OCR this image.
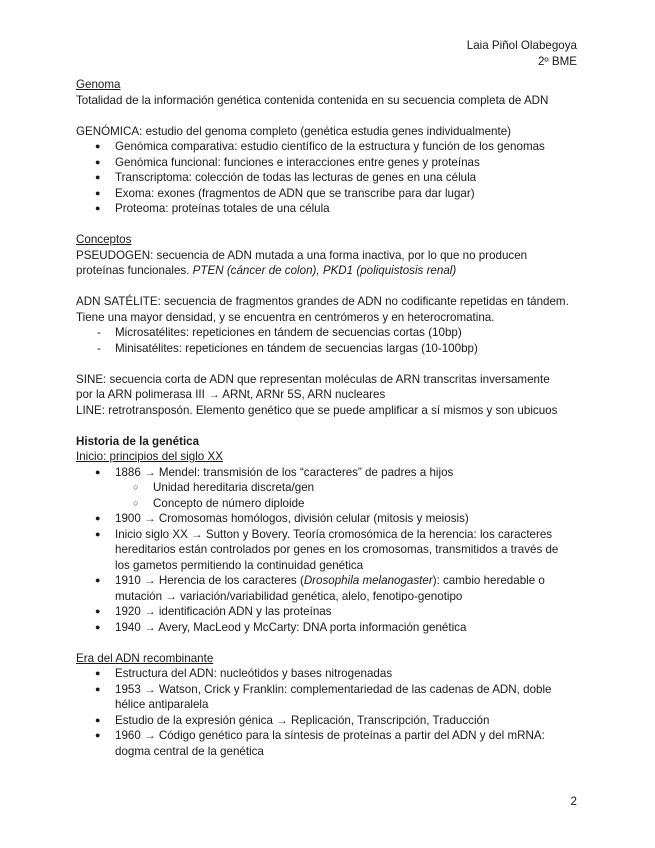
Laia Piñol Olabegoya
2º BME

Genoma

Totalidad de la información genética contenida contenida en su secuencia completa de ADN

GENÓMICA: estudio del genoma completo (genética estudia genes individualmente)

● Genómica comparativa: estudio científico de la estructura y función de los genomas
● Genómica funcional: funciones e interacciones entre genes y proteínas
● Transcriptoma: colección de todas las lecturas de genes en una célula
● Exoma: exones (fragmentos de ADN que se transcribe para dar lugar)
● Proteoma: proteínas totales de una célula

Conceptos

PSEUDOGEN: secuencia de ADN mutada a una forma inactiva, por lo que no producen

proteínas funcionales. PTEN (cáncer de colon), PKD1 (poliquistosis renal)

ADN SATÉLITE: secuencia de fragmentos grandes de ADN no codificante repetidas en tándem.

Tiene una mayor densidad, y se encuentra en centrómeros y en heterocromatina.

- Microsatélites: repeticiones en tándem de secuencias cortas (10bp)
- Minisatélites: repeticiones en tándem de secuencias largas (10-100bp)

SINE: secuencia corta de ADN que representan moléculas de ARN transcritas inversamente

por la ARN polimerasa III → ARNt, ARNr 5S, ARN nucleares

LINE: retrotransposón. Elemento genético que se puede amplificar a sí mismos y son ubicuos

Historia de la genética

Inicio: principios del siglo XX

● 1886 → Mendel: transmisión de los “caracteres” de padres a hijos
○ Unidad hereditaria discreta/gen
○ Concepto de número diploide
● 1900 → Cromosomas homólogos, división celular (mitosis y meiosis)
● Inicio siglo XX → Sutton y Bovery. Teoría cromosómica de la herencia: los caracteres
hereditarios están controlados por genes en los cromosomas, transmitidos a través de
los gametos permitiendo la continuidad genética
● 1910 → Herencia de los caracteres (Drosophila melanogaster): cambio heredable o
mutación → variación/variabilidad genética, alelo, fenotipo-genotipo
● 1920 → identificación ADN y las proteínas
● 1940 → Avery, MacLeod y McCarty: DNA porta información genética

Era del ADN recombinante

● Estructura del ADN: nucleótidos y bases nitrogenadas
● 1953 → Watson, Crick y Franklin: complementariedad de las cadenas de ADN, doble
hélice antiparalela
● Estudio de la expresión génica → Replicación, Transcripción, Traducción
● 1960 → Código genético para la síntesis de proteínas a partir del ADN y del mRNA:
dogma central de la genética
2
